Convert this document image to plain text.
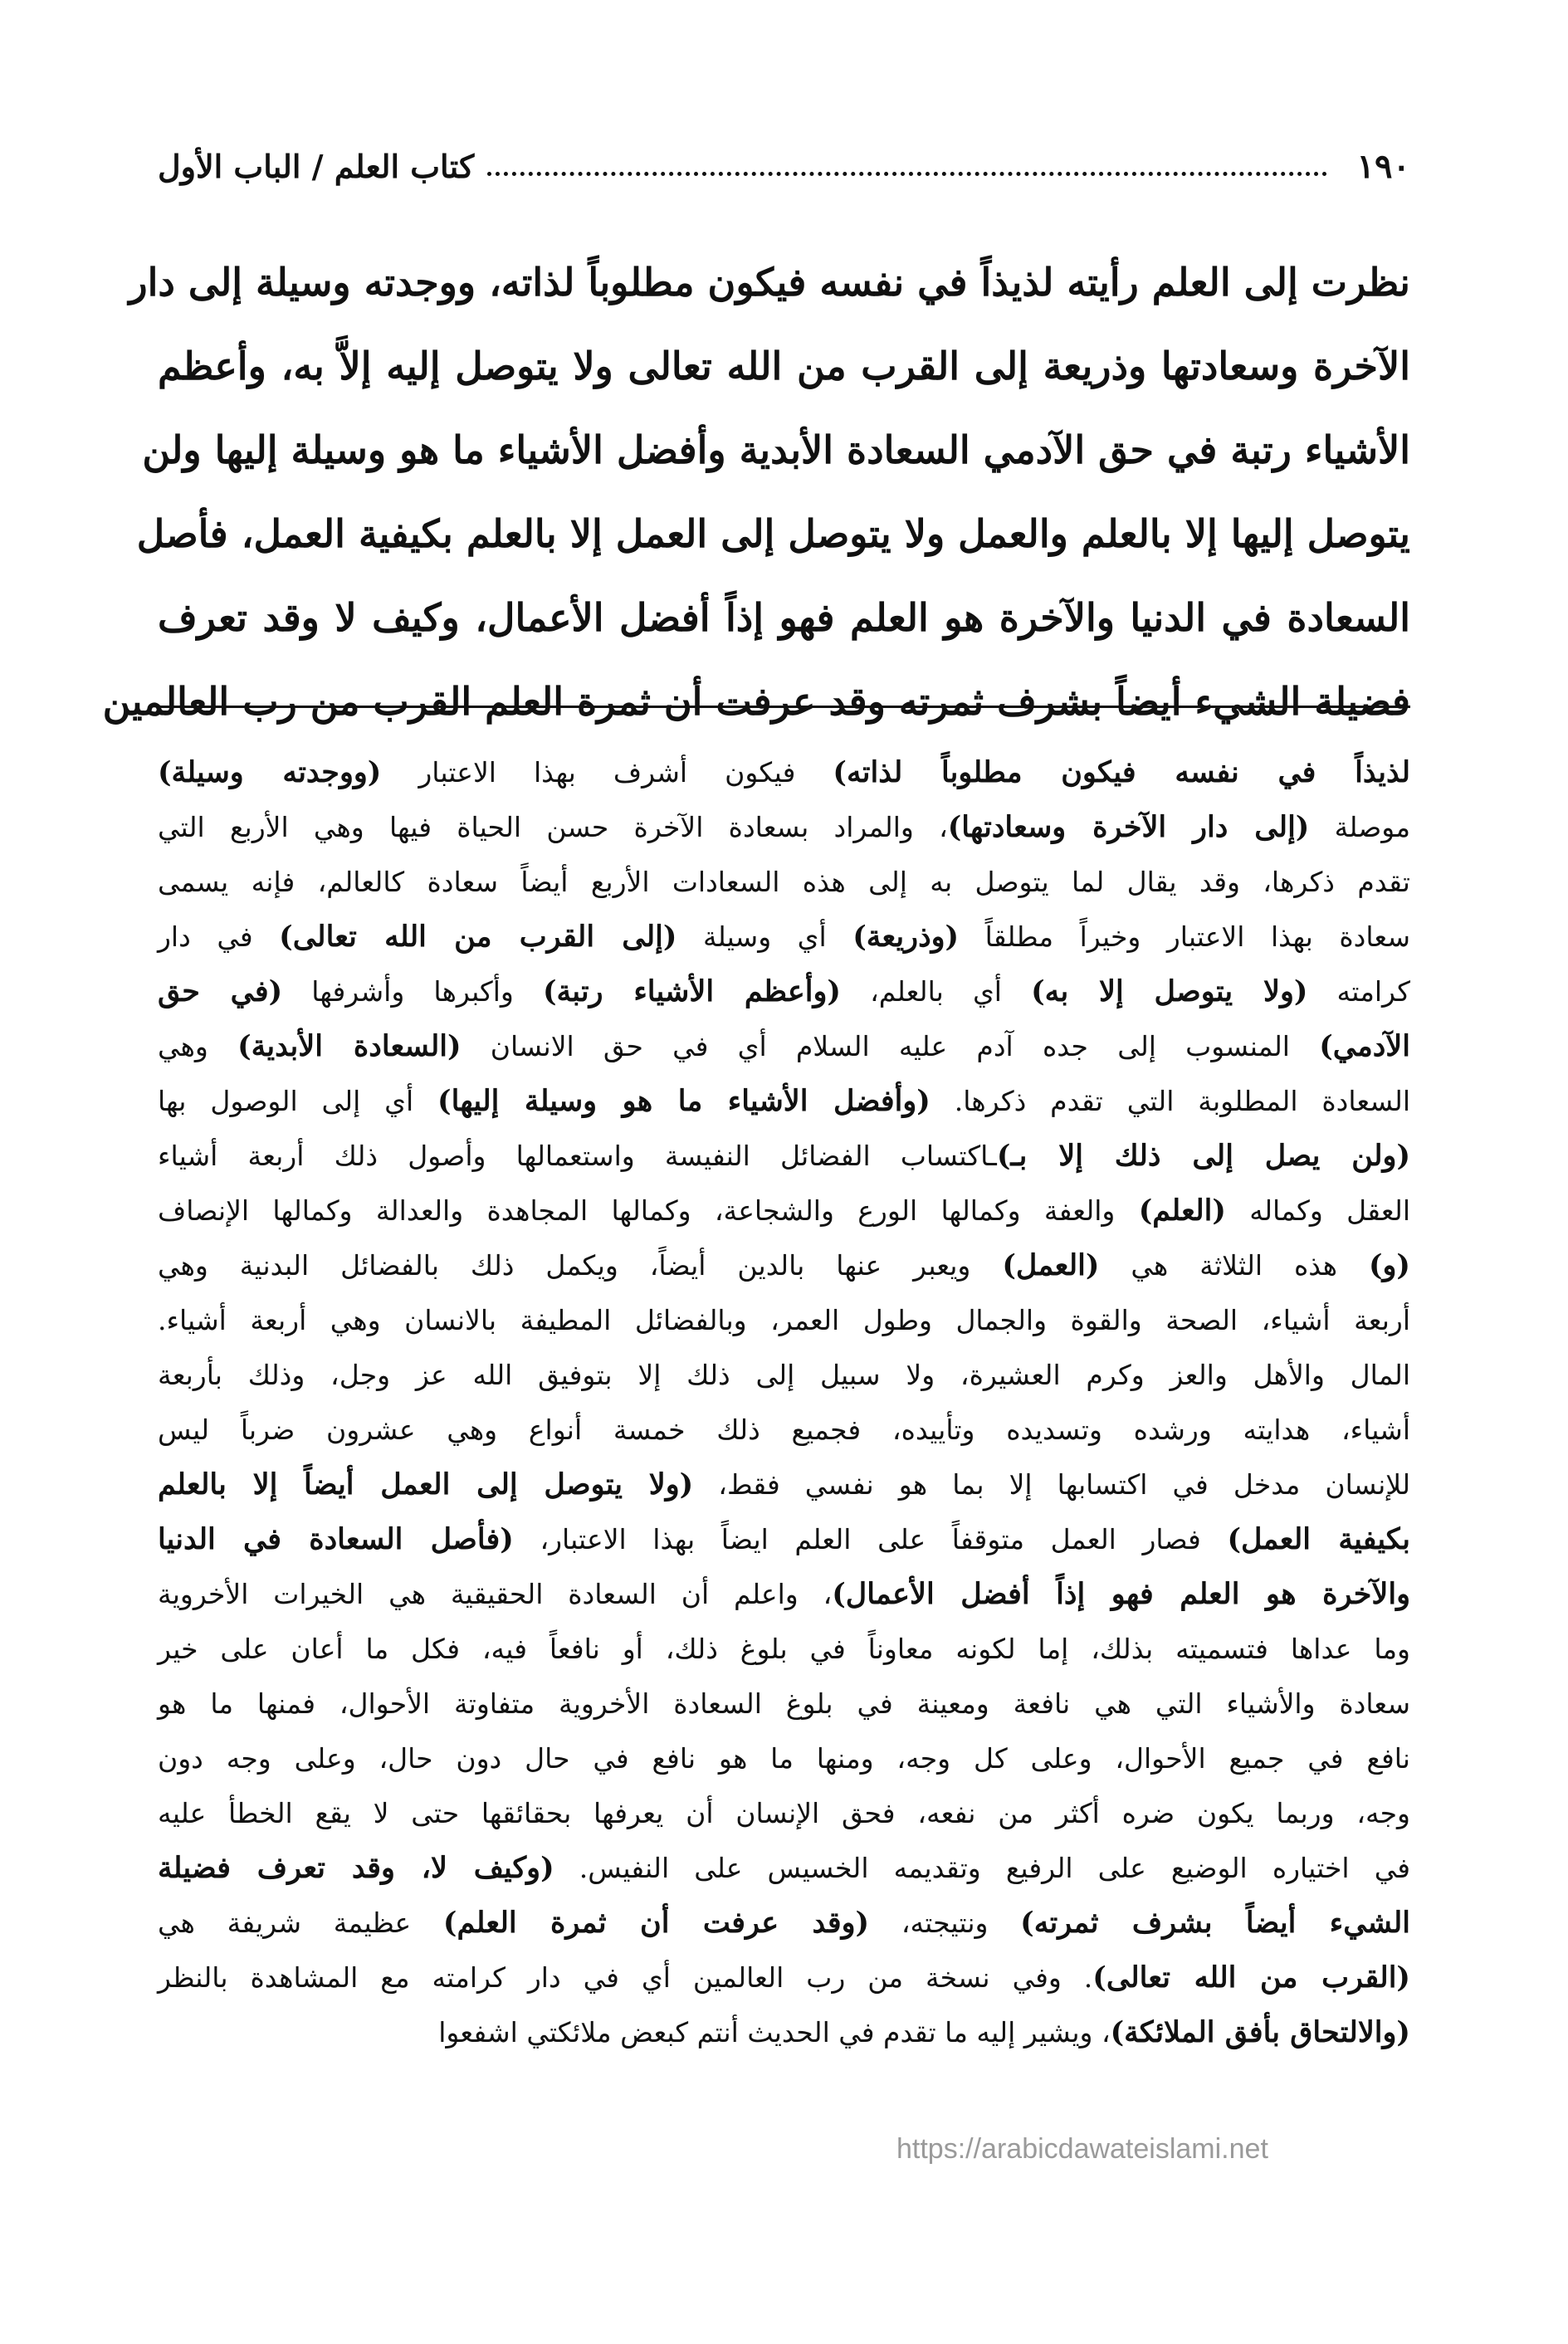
١٩٠
كتاب العلم / الباب الأول

نظرت إلى العلم رأيته لذيذاً في نفسه فيكون مطلوباً لذاته، ووجدته وسيلة إلى دار

الآخرة وسعادتها وذريعة إلى القرب من الله تعالى ولا يتوصل إليه إلاَّ به، وأعظم

الأشياء رتبة في حق الآدمي السعادة الأبدية وأفضل الأشياء ما هو وسيلة إليها ولن

يتوصل إليها إلا بالعلم والعمل ولا يتوصل إلى العمل إلا بالعلم بكيفية العمل، فأصل

السعادة في الدنيا والآخرة هو العلم فهو إذاً أفضل الأعمال، وكيف لا وقد تعرف

فضيلة الشيء أيضاً بشرف ثمرته وقد عرفت أن ثمرة العلم القرب من رب العالمين

لذيذاً في نفسه فيكون مطلوباً لذاته) فيكون أشرف بهذا الاعتبار (ووجدته وسيلة)

موصلة (إلى دار الآخرة وسعادتها)، والمراد بسعادة الآخرة حسن الحياة فيها وهي الأربع التي

تقدم ذكرها، وقد يقال لما يتوصل به إلى هذه السعادات الأربع أيضاً سعادة كالعالم، فإنه يسمى

سعادة بهذا الاعتبار وخيراً مطلقاً (وذريعة) أي وسيلة (إلى القرب من الله تعالى) في دار

كرامته (ولا يتوصل إلا به) أي بالعلم، (وأعظم الأشياء رتبة) وأكبرها وأشرفها (في حق

الآدمي) المنسوب إلى جده آدم عليه السلام أي في حق الانسان (السعادة الأبدية) وهي

السعادة المطلوبة التي تقدم ذكرها. (وأفضل الأشياء ما هو وسيلة إليها) أي إلى الوصول بها

(ولن يصل إلى ذلك إلا بـ)ـاكتساب الفضائل النفيسة واستعمالها وأصول ذلك أربعة أشياء

العقل وكماله (العلم) والعفة وكمالها الورع والشجاعة، وكمالها المجاهدة والعدالة وكمالها الإنصاف

(و) هذه الثلاثة هي (العمل) ويعبر عنها بالدين أيضاً، ويكمل ذلك بالفضائل البدنية وهي

أربعة أشياء، الصحة والقوة والجمال وطول العمر، وبالفضائل المطيفة بالانسان وهي أربعة أشياء.

المال والأهل والعز وكرم العشيرة، ولا سبيل إلى ذلك إلا بتوفيق الله عز وجل، وذلك بأربعة

أشياء، هدايته ورشده وتسديده وتأييده، فجميع ذلك خمسة أنواع وهي عشرون ضرباً ليس

للإنسان مدخل في اكتسابها إلا بما هو نفسي فقط، (ولا يتوصل إلى العمل أيضاً إلا بالعلم

بكيفية العمل) فصار العمل متوقفاً على العلم ايضاً بهذا الاعتبار، (فأصل السعادة في الدنيا

والآخرة هو العلم فهو إذاً أفضل الأعمال)، واعلم أن السعادة الحقيقية هي الخيرات الأخروية

وما عداها فتسميته بذلك، إما لكونه معاوناً في بلوغ ذلك، أو نافعاً فيه، فكل ما أعان على خير

سعادة والأشياء التي هي نافعة ومعينة في بلوغ السعادة الأخروية متفاوتة الأحوال، فمنها ما هو

نافع في جميع الأحوال، وعلى كل وجه، ومنها ما هو نافع في حال دون حال، وعلى وجه دون

وجه، وربما يكون ضره أكثر من نفعه، فحق الإنسان أن يعرفها بحقائقها حتى لا يقع الخطأ عليه

في اختياره الوضيع على الرفيع وتقديمه الخسيس على النفيس. (وكيف لا، وقد تعرف فضيلة

الشيء أيضاً بشرف ثمرته) ونتيجته، (وقد عرفت أن ثمرة العلم) عظيمة شريفة هي

(القرب من الله تعالى). وفي نسخة من رب العالمين أي في دار كرامته مع المشاهدة بالنظر

(والالتحاق بأفق الملائكة)، ويشير إليه ما تقدم في الحديث أنتم كبعض ملائكتي اشفعوا

https://arabicdawateislami.net
